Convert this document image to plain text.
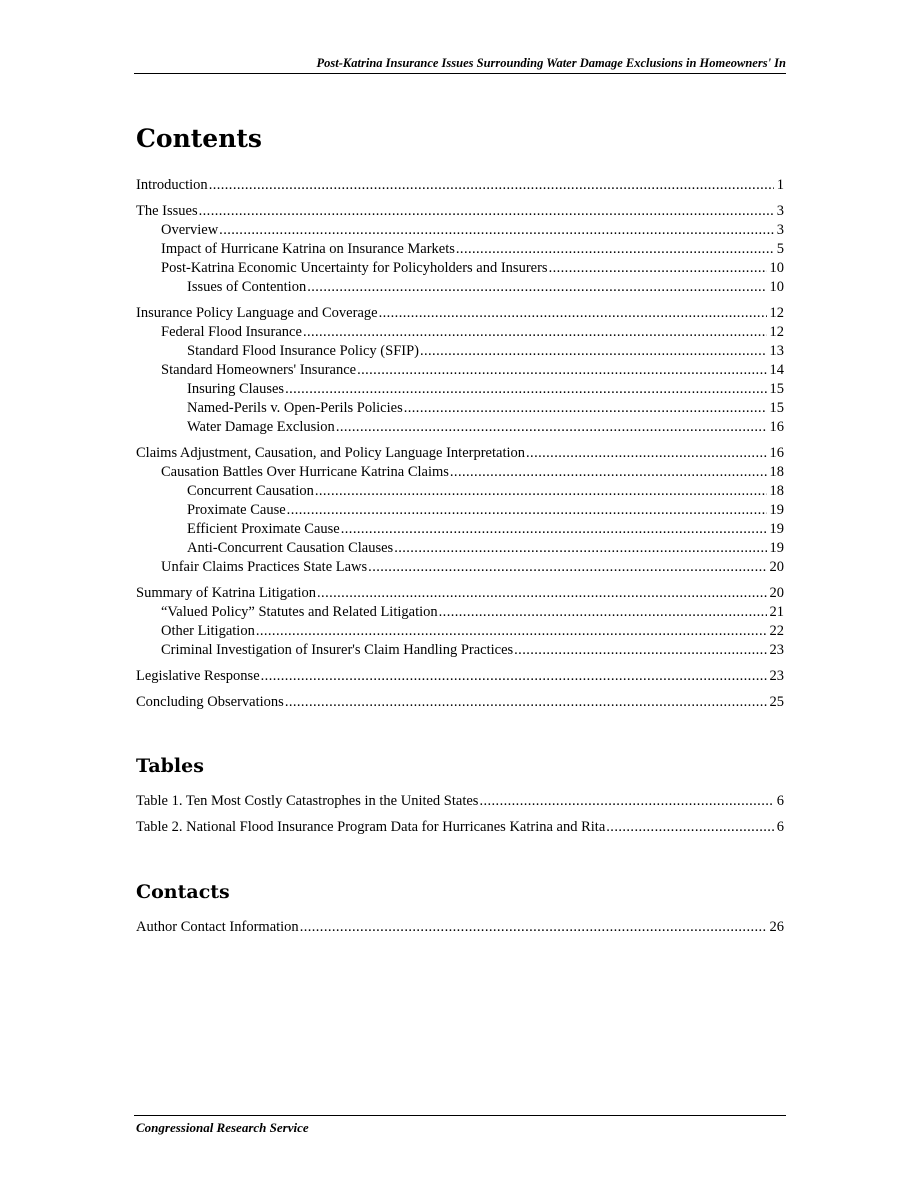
Post-Katrina Insurance Issues Surrounding Water Damage Exclusions in Homeowners' In
Contents
Introduction .....	1
The Issues .....	3
Overview .....	3
Impact of Hurricane Katrina on Insurance Markets .....	5
Post-Katrina Economic Uncertainty for Policyholders and Insurers .....	10
Issues of Contention .....	10
Insurance Policy Language and Coverage .....	12
Federal Flood Insurance .....	12
Standard Flood Insurance Policy (SFIP) .....	13
Standard Homeowners' Insurance .....	14
Insuring Clauses .....	15
Named-Perils v. Open-Perils Policies .....	15
Water Damage Exclusion .....	16
Claims Adjustment, Causation, and Policy Language Interpretation .....	16
Causation Battles Over Hurricane Katrina Claims .....	18
Concurrent Causation .....	18
Proximate Cause .....	19
Efficient Proximate Cause .....	19
Anti-Concurrent Causation Clauses .....	19
Unfair Claims Practices State Laws .....	20
Summary of Katrina Litigation .....	20
“Valued Policy” Statutes and Related Litigation .....	21
Other Litigation .....	22
Criminal Investigation of Insurer's Claim Handling Practices .....	23
Legislative Response .....	23
Concluding Observations .....	25
Tables
Table 1. Ten Most Costly Catastrophes in the United States .....	6
Table 2. National Flood Insurance Program Data for Hurricanes Katrina and Rita .....	6
Contacts
Author Contact Information .....	26
Congressional Research Service
